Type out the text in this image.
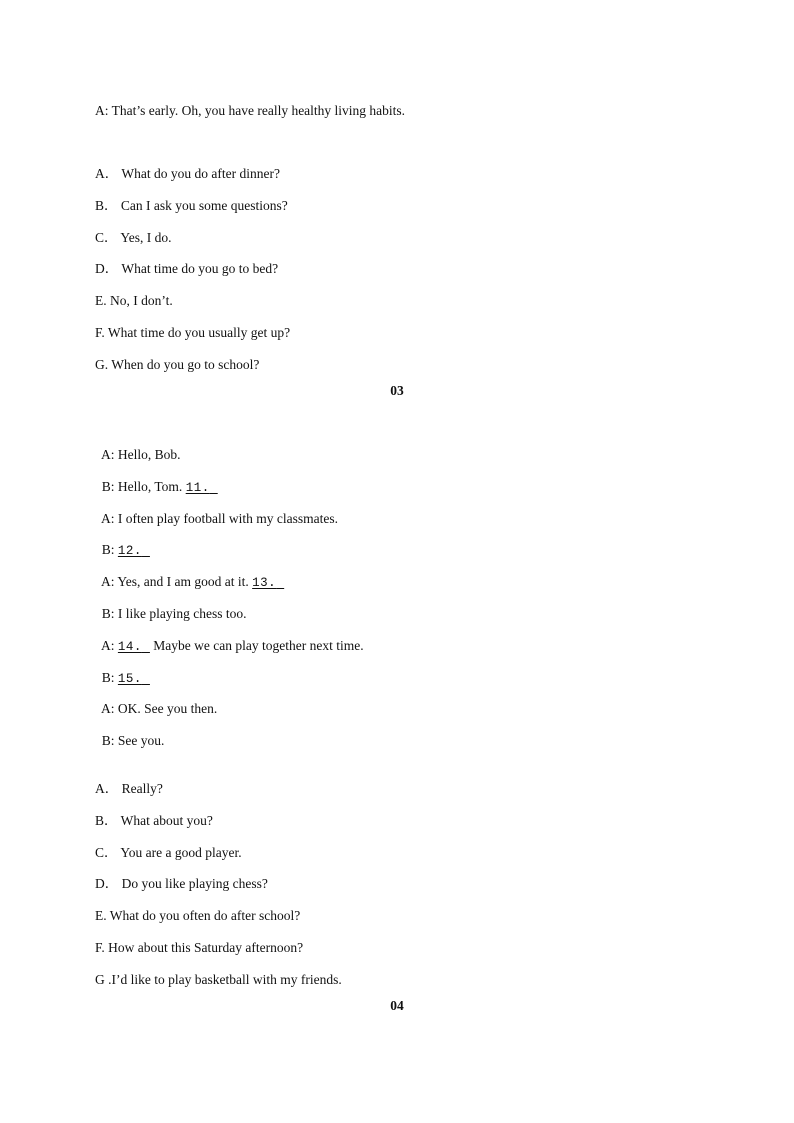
A: That’s early. Oh, you have really healthy living habits.
A． What do you do after dinner?
B． Can I ask you some questions?
C． Yes, I do.
D． What time do you go to bed?
E. No, I don’t.
F. What time do you usually get up?
G. When do you go to school?
03

A: Hello, Bob.

B: Hello, Tom. 11.

A: I often play football with my classmates.

B: 12.

A: Yes, and I am good at it. 13.

B: I like playing chess too.

A: 14. Maybe we can play together next time.

B: 15.

A: OK. See you then.

B: See you.

A． Really?
B． What about you?
C． You are a good player.
D． Do you like playing chess?
E. What do you often do after school?
F. How about this Saturday afternoon?
G .I’d like to play basketball with my friends.
04
